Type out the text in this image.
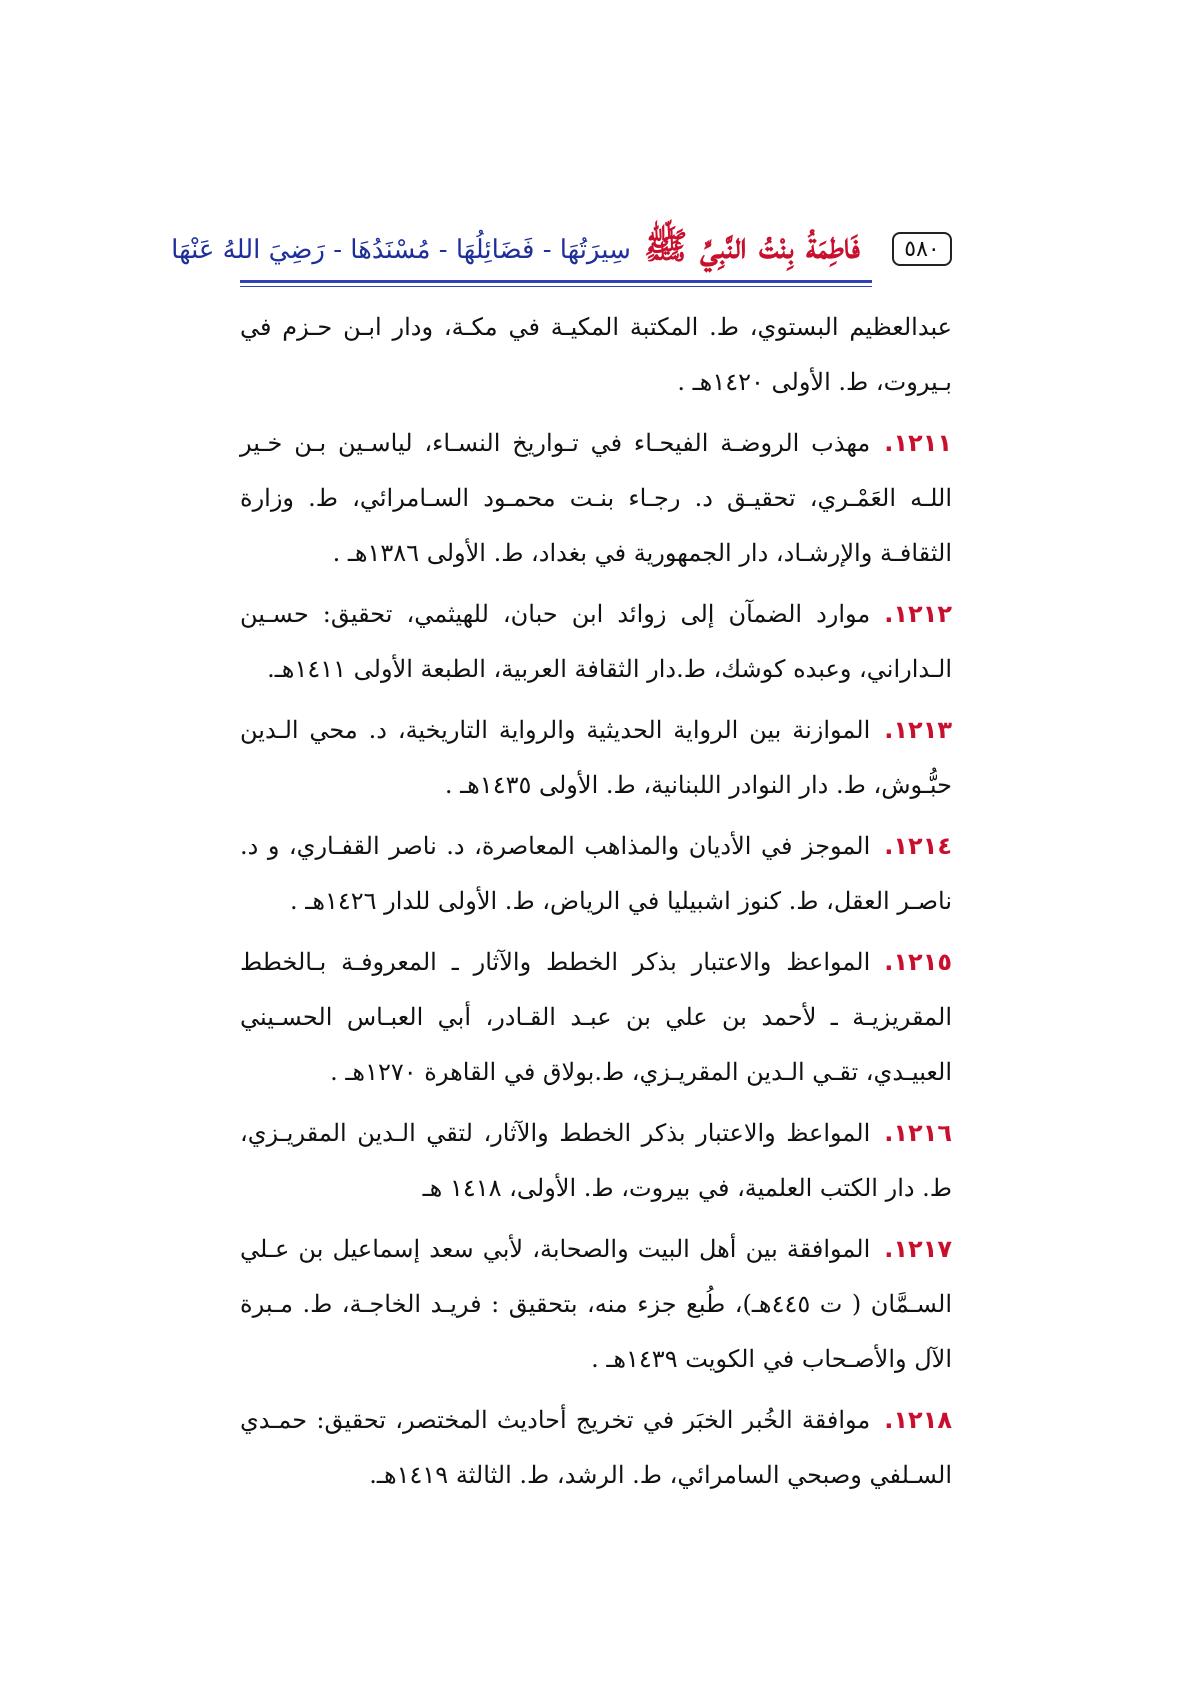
٥٨٠
فَاطِمَةُ بِنْتُ النَّبِيِّ ﷺ سِيرَتُهَا - فَضَائِلُهَا - مُسْنَدُهَا - رَضِيَ اللهُ عَنْهَا

عبدالعظيم البستوي، ط. المكتبة المكيـة في مكـة، ودار ابـن حـزم في بـيروت، ط. الأولى ١٤٢٠هـ .

١٢١١.مهذب الروضـة الفيحـاء في تـواريخ النسـاء، لياسـين بـن خـير اللـه العَمْـري، تحقيـق د. رجـاء بنـت محمـود السـامرائي، ط. وزارة الثقافـة والإرشـاد، دار الجمهورية في بغداد، ط. الأولى ١٣٨٦هـ .

١٢١٢.موارد الضمآن إلى زوائد ابن حبان، للهيثمي، تحقيق: حسـين الـداراني، وعبده كوشك، ط.دار الثقافة العربية، الطبعة الأولى ١٤١١هـ.

١٢١٣.الموازنة بين الرواية الحديثية والرواية التاريخية، د. محي الـدين حبُّـوش، ط. دار النوادر اللبنانية، ط. الأولى ١٤٣٥هـ .

١٢١٤.الموجز في الأديان والمذاهب المعاصرة، د. ناصر القفـاري، و د. ناصـر العقل، ط. كنوز اشبيليا في الرياض، ط. الأولى للدار ١٤٢٦هـ .

١٢١٥.المواعظ والاعتبار بذكر الخطط والآثار ـ المعروفـة بـالخطط المقريزيـة ـ لأحمد بن علي بن عبـد القـادر، أبي العبـاس الحسـيني العبيـدي، تقـي الـدين المقريـزي، ط.بولاق في القاهرة ١٢٧٠هـ .

١٢١٦.المواعظ والاعتبار بذكر الخطط والآثار، لتقي الـدين المقريـزي، ط. دار الكتب العلمية، في بيروت، ط. الأولى، ١٤١٨ هـ

١٢١٧.الموافقة بين أهل البيت والصحابة، لأبي سعد إسماعيل بن عـلي السـمَّان ( ت ٤٤٥هـ)، طُبع جزء منه، بتحقيق : فريـد الخاجـة، ط. مـبرة الآل والأصـحاب في الكويت ١٤٣٩هـ .

١٢١٨.موافقة الخُبر الخبَر في تخريج أحاديث المختصر، تحقيق: حمـدي السـلفي وصبحي السامرائي، ط. الرشد، ط. الثالثة ١٤١٩هـ.
